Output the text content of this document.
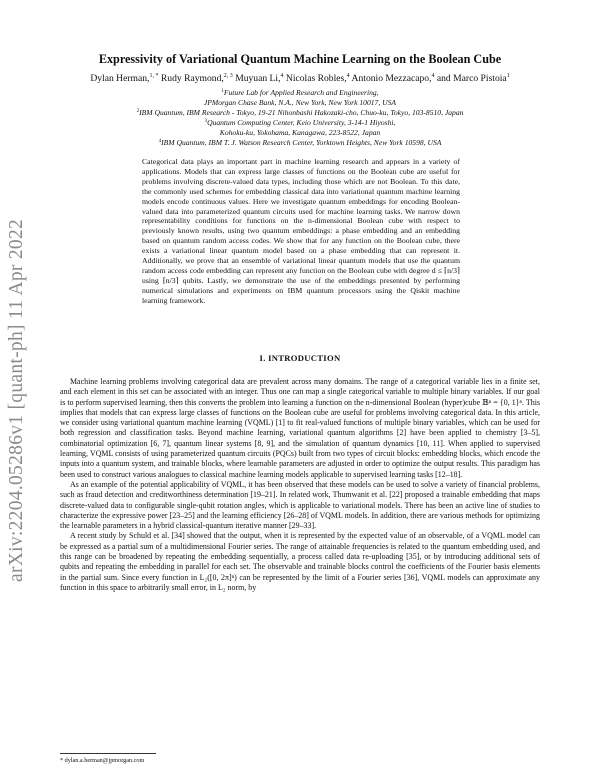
arXiv:2204.05286v1 [quant-ph] 11 Apr 2022
Expressivity of Variational Quantum Machine Learning on the Boolean Cube
Dylan Herman,$^{1, *}$ Rudy Raymond,$^{2, 3}$ Muyuan Li,$^4$ Nicolas Robles,$^4$ Antonio Mezzacapo,$^4$ and Marco Pistoia$^1$
$^1$Future Lab for Applied Research and Engineering,
JPMorgan Chase Bank, N.A., New York, New York 10017, USA
$^2$IBM Quantum, IBM Research - Tokyo, 19-21 Nihonbashi Hakozaki-cho, Chuo-ku, Tokyo, 103-8510, Japan
$^3$Quantum Computing Center, Keio University, 3-14-1 Hiyoshi,
Kohoku-ku, Yokohama, Kanagawa, 223-8522, Japan
$^4$IBM Quantum, IBM T. J. Watson Research Center, Yorktown Heights, New York 10598, USA
Categorical data plays an important part in machine learning research and appears in a variety of applications. Models that can express large classes of functions on the Boolean cube are useful for problems involving discrete-valued data types, including those which are not Boolean. To this date, the commonly used schemes for embedding classical data into variational quantum machine learning models encode continuous values. Here we investigate quantum embeddings for encoding Boolean-valued data into parameterized quantum circuits used for machine learning tasks. We narrow down representability conditions for functions on the n-dimensional Boolean cube with respect to previously known results, using two quantum embeddings: a phase embedding and an embedding based on quantum random access codes. We show that for any function on the Boolean cube, there exists a variational linear quantum model based on a phase embedding that can represent it. Additionally, we prove that an ensemble of variational linear quantum models that use the quantum random access code embedding can represent any function on the Boolean cube with degree d ≤ ⌈n/3⌉ using ⌈n/3⌉ qubits. Lastly, we demonstrate the use of the embeddings presented by performing numerical simulations and experiments on IBM quantum processors using the Qiskit machine learning framework.
I. INTRODUCTION

Machine learning problems involving categorical data are prevalent across many domains. The range of a categorical variable lies in a finite set, and each element in this set can be associated with an integer. Thus one can map a single categorical variable to multiple binary variables. If our goal is to perform supervised learning, then this converts the problem into learning a function on the n-dimensional Boolean (hyper)cube 𝔹ⁿ = {0, 1}ⁿ. This implies that models that can express large classes of functions on the Boolean cube are useful for problems involving categorical data. In this article, we consider using variational quantum machine learning (VQML) [1] to fit real-valued functions of multiple binary variables, which can be used for both regression and classification tasks. Beyond machine learning, variational quantum algorithms [2] have been applied to chemistry [3–5], combinatorial optimization [6, 7], quantum linear systems [8, 9], and the simulation of quantum dynamics [10, 11]. When applied to supervised learning, VQML consists of using parameterized quantum circuits (PQCs) built from two types of circuit blocks: embedding blocks, which encode the inputs into a quantum system, and trainable blocks, where learnable parameters are adjusted in order to optimize the output results. This paradigm has been used to construct various analogues to classical machine learning models applicable to supervised learning tasks [12–18].

As an example of the potential applicability of VQML, it has been observed that these models can be used to solve a variety of financial problems, such as fraud detection and creditworthiness determination [19–21]. In related work, Thumwanit et al. [22] proposed a trainable embedding that maps discrete-valued data to configurable single-qubit rotation angles, which is applicable to variational models. There has been an active line of studies to characterize the expressive power [23–25] and the learning efficiency [26–28] of VQML models. In addition, there are various methods for optimizing the learnable parameters in a hybrid classical-quantum iterative manner [29–33].

A recent study by Schuld et al. [34] showed that the output, when it is represented by the expected value of an observable, of a VQML model can be expressed as a partial sum of a multidimensional Fourier series. The range of attainable frequencies is related to the quantum embedding used, and this range can be broadened by repeating the embedding sequentially, a process called data re-uploading [35], or by introducing additional sets of qubits and repeating the embedding in parallel for each set. The observable and trainable blocks control the coefficients of the Fourier basis elements in the partial sum. Since every function in L₂([0, 2π]ⁿ) can be represented by the limit of a Fourier series [36], VQML models can approximate any function in this space to arbitrarily small error, in L₂ norm, by

* dylan.a.herman@jpmorgan.com
